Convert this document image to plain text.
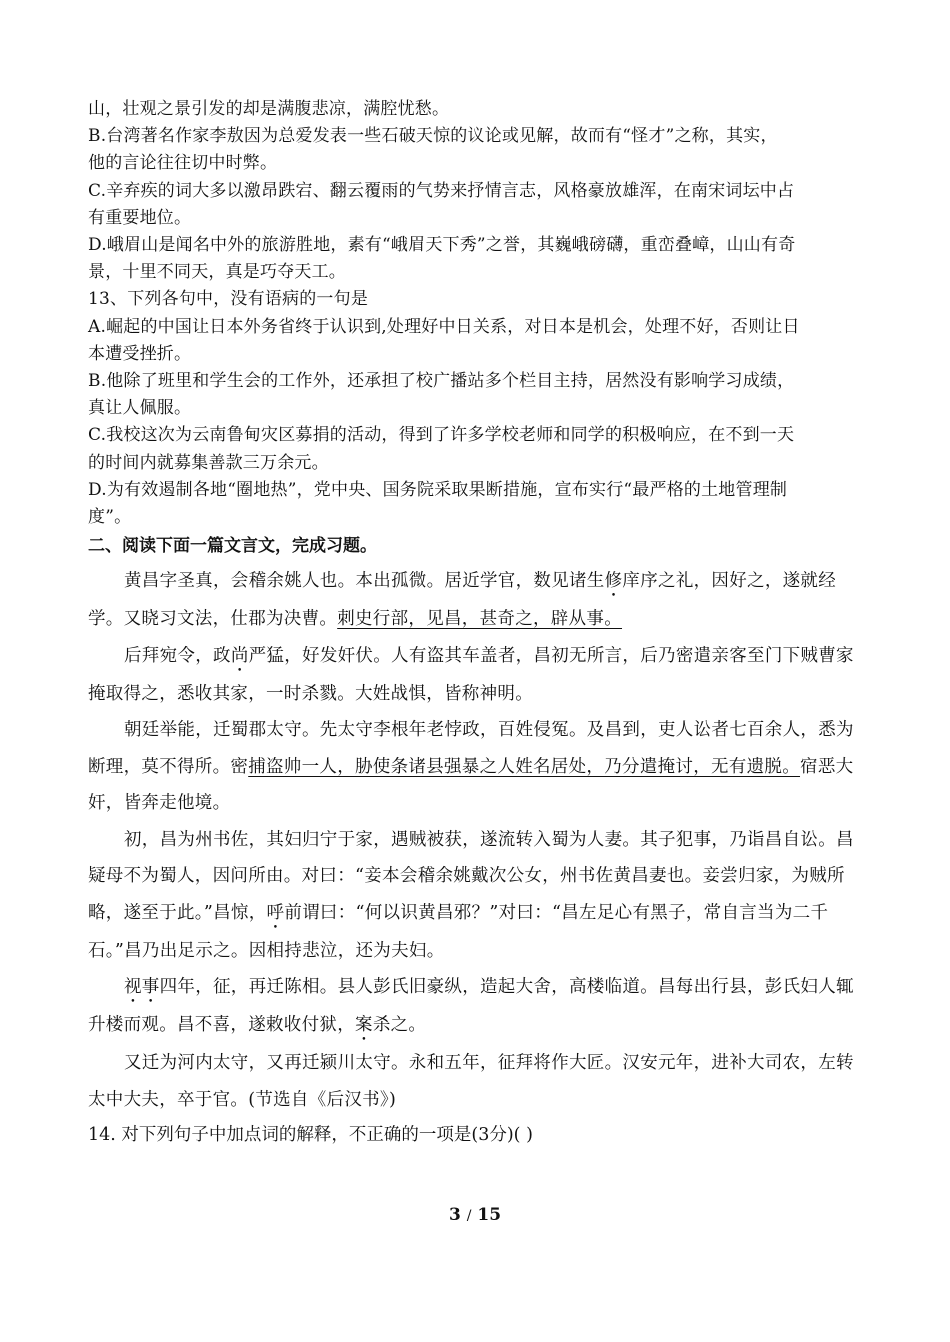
山，壮观之景引发的却是满腹悲凉，满腔忧愁。

B.台湾著名作家李敖因为总爱发表一些石破天惊的议论或见解，故而有“怪才”之称，其实，

他的言论往往切中时弊。

C.辛弃疾的词大多以激昂跌宕、翻云覆雨的气势来抒情言志，风格豪放雄浑，在南宋词坛中占

有重要地位。

D.峨眉山是闻名中外的旅游胜地，素有“峨眉天下秀”之誉，其巍峨磅礴，重峦叠嶂，山山有奇

景，十里不同天，真是巧夺天工。

13、下列各句中，没有语病的一句是

A.崛起的中国让日本外务省终于认识到,处理好中日关系，对日本是机会，处理不好，否则让日

本遭受挫折。

B.他除了班里和学生会的工作外，还承担了校广播站多个栏目主持，居然没有影响学习成绩，

真让人佩服。

C.我校这次为云南鲁甸灾区募捐的活动，得到了许多学校老师和同学的积极响应，在不到一天

的时间内就募集善款三万余元。

D.为有效遏制各地“圈地热”，党中央、国务院采取果断措施，宣布实行“最严格的土地管理制

度”。

二、阅读下面一篇文言文，完成习题。

黄昌字圣真，会稽余姚人也。本出孤微。居近学官，数见诸生修庠序之礼，因好之，遂就经学。又晓习文法，仕郡为决曹。刺史行部，见昌，甚奇之，辟从事。

后拜宛令，政尚严猛，好发奸伏。人有盗其车盖者，昌初无所言，后乃密遣亲客至门下贼曹家掩取得之，悉收其家，一时杀戮。大姓战惧，皆称神明。

朝廷举能，迁蜀郡太守。先太守李根年老悖政，百姓侵冤。及昌到，吏人讼者七百余人，悉为断理，莫不得所。密捕盗帅一人，胁使条诸县强暴之人姓名居处，乃分遣掩讨，无有遗脱。宿恶大奸，皆奔走他境。

初，昌为州书佐，其妇归宁于家，遇贼被获，遂流转入蜀为人妻。其子犯事，乃诣昌自讼。昌疑母不为蜀人，因问所由。对曰：“妾本会稽余姚戴次公女，州书佐黄昌妻也。妾尝归家，为贼所略，遂至于此。”昌惊，呼前谓曰：“何以识黄昌邪？”对曰：“昌左足心有黑子，常自言当为二千石。”昌乃出足示之。因相持悲泣，还为夫妇。

视事四年，征，再迁陈相。县人彭氏旧豪纵，造起大舍，高楼临道。昌每出行县，彭氏妇人辄升楼而观。昌不喜，遂敕收付狱，案杀之。

又迁为河内太守，又再迁颍川太守。永和五年，征拜将作大匠。汉安元年，进补大司农，左转太中大夫，卒于官。(节选自《后汉书》)

14. 对下列句子中加点词的解释，不正确的一项是(3分)( )

3 / 15
